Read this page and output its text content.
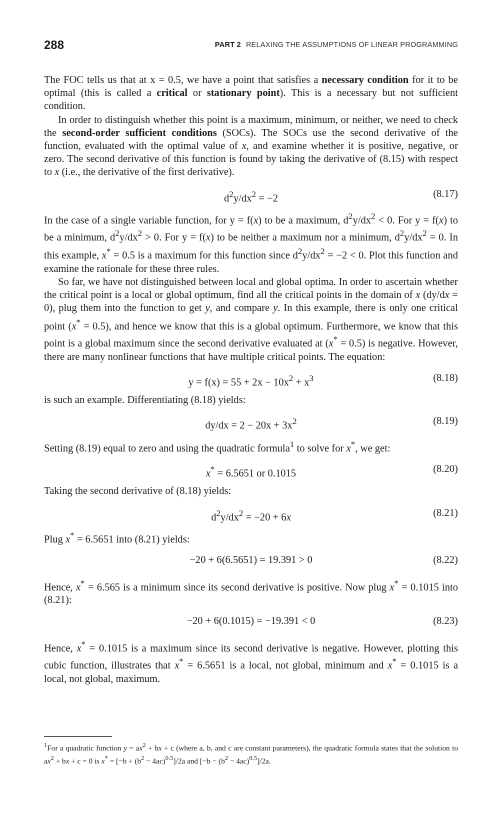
288	PART 2 RELAXING THE ASSUMPTIONS OF LINEAR PROGRAMMING

The FOC tells us that at x = 0.5, we have a point that satisfies a necessary condition for it to be optimal (this is called a critical or stationary point). This is a necessary but not sufficient condition.

In order to distinguish whether this point is a maximum, minimum, or neither, we need to check the second-order sufficient conditions (SOCs). The SOCs use the second derivative of the function, evaluated with the optimal value of x, and examine whether it is positive, negative, or zero. The second derivative of this function is found by taking the derivative of (8.15) with respect to x (i.e., the derivative of the first derivative).

$d^2y/dx^2 = -2$	(8.17)

In the case of a single variable function, for y = f(x) to be a maximum, $d^2y/dx^2 < 0$. For y = f(x) to be a minimum, $d^2y/dx^2 > 0$. For y = f(x) to be neither a maximum nor a minimum, $d^2y/dx^2 = 0$. In this example, x* = 0.5 is a maximum for this function since $d^2y/dx^2 = -2 < 0$. Plot this function and examine the rationale for these three rules.

So far, we have not distinguished between local and global optima. In order to ascertain whether the critical point is a local or global optimum, find all the critical points in the domain of x (dy/dx = 0), plug them into the function to get y, and compare y. In this example, there is only one critical point (x* = 0.5), and hence we know that this is a global optimum. Furthermore, we know that this point is a global maximum since the second derivative evaluated at (x* = 0.5) is negative. However, there are many nonlinear functions that have multiple critical points. The equation:

$y = f(x) = 55 + 2x - 10x^2 + x^3$	(8.18)

is such an example. Differentiating (8.18) yields:

$dy/dx = 2 - 20x + 3x^2$	(8.19)

Setting (8.19) equal to zero and using the quadratic formula$^1$ to solve for x*, we get:

x* = 6.5651 or 0.1015	(8.20)

Taking the second derivative of (8.18) yields:

$d^2y/dx^2 = -20 + 6x$	(8.21)

Plug x* = 6.5651 into (8.21) yields:

−20 + 6(6.5651) = 19.391 > 0	(8.22)

Hence, x* = 6.565 is a minimum since its second derivative is positive. Now plug x* = 0.1015 into (8.21):

−20 + 6(0.1015) = −19.391 < 0	(8.23)

Hence, x* = 0.1015 is a maximum since its second derivative is negative. However, plotting this cubic function, illustrates that x* = 6.5651 is a local, not global, minimum and x* = 0.1015 is a local, not global, maximum.

$^1$For a quadratic function $y = ax^2$ + bx + c (where a, b, and c are constant parameters), the quadratic formula states that the solution to $ax^2$ + bx + c = 0 is $x^* = [-b + (b^2 - 4ac)^{0.5}]/2a$ and $[-b - (b^2 - 4ac)^{0.5}]/2a$.
